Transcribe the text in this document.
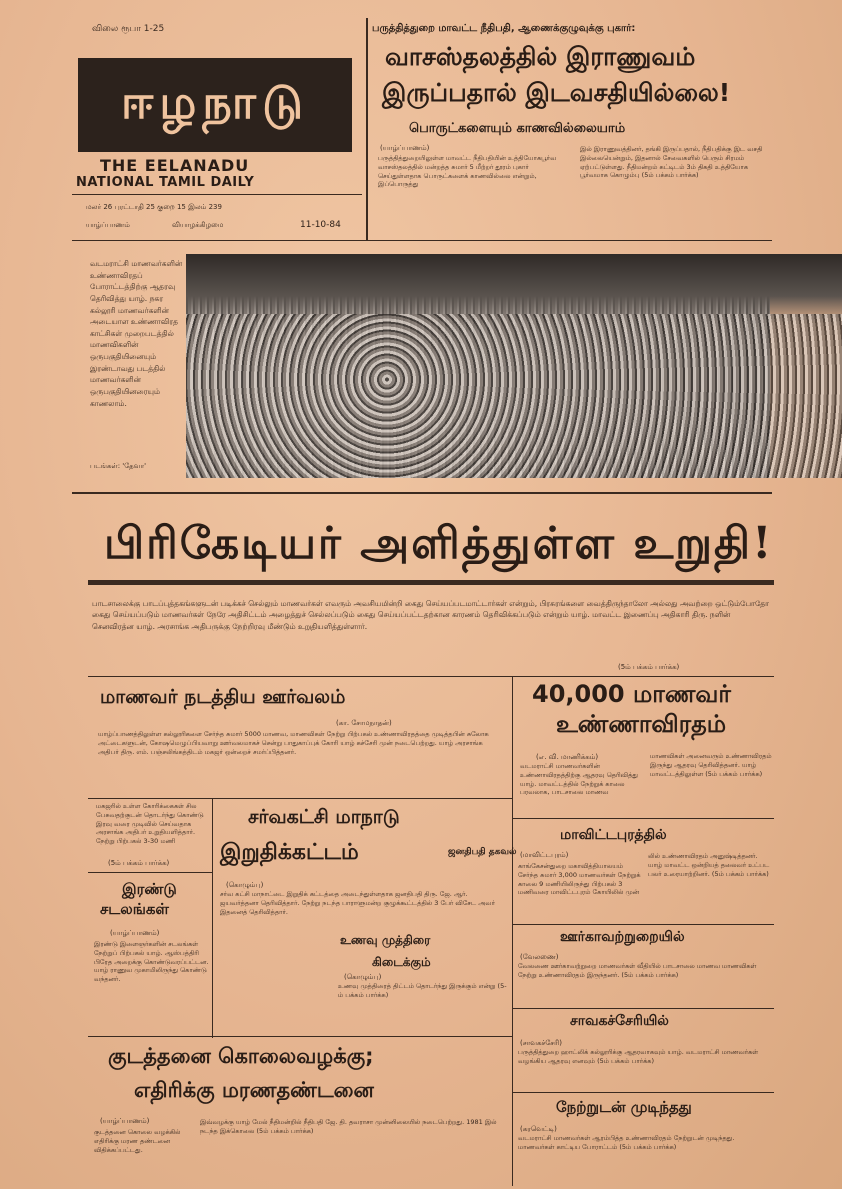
விலை ரூபா 1-25
ஈழநாடு
THE EELANADU
NATIONAL TAMIL DAILY
மலர் 26 புரட்டாதி 25 குறை 15 இலம் 239
யாழ்ப்பாணம்	வியாழக்கிழமை	11-10-84
பருத்தித்துறை மாவட்ட நீதிபதி, ஆணைக்குழுவுக்கு புகார்:
வாசஸ்தலத்தில் இராணுவம்
இருப்பதால் இடவசதியில்லை!
பொருட்களையும் காணவில்லையாம்
(யாழ்ப்பாணம்)
பருத்தித்துறையிலுள்ள மாவட்ட நீதிபதியின் உத்தியோகபூர்வ வாசஸ்தலத்தில் மன்றத்த சுமார் 5 மீற்றர் தூரம் புகார் செய்துள்ளதாக பொருட்களைக் காணவில்லை என்றும், இப்பொருத்து
இல் இராணுவத்தினர், தங்கி இருப்பதால், நீதிபதிக்கு இட வசதி இல்லையென்றும், இதனால் சேவைகளில் பெரும் சிரமம் ஏற்பட்டுள்ளது. நீதிமன்றம் கட்டிடம் 3ம் திகதி உத்தியோக பூர்வமாக கொழும்பு (5ம் பக்கம் பார்க்க)
வடமராட்சி மாணவர்களின் உண்ணாவிரதப் போராட்டத்திற்கு ஆதரவு தெரிவித்து யாழ். நகர கல்லூரி மாணவர்களின் அடையாள உண்ணாவிரத காட்சிகள் முறைபடத்தில் மாணவிகளின் ஒருபகுதியினையும் இரண்டாவது படத்தில் மாணவர்களின் ஒருபகுதியினரையும் காணலாம்.
படங்கள்: 'தேவா'
பிரிகேடியர் அளித்துள்ள உறுதி!
பாடசாலைக்கு பாடப்புத்தகங்களுடன் படிக்கச் செல்லும் மாணவர்கள் எவரும் அவசியமின்றி கைது செய்யப்படமாட்டார்கள் என்றும், பிரசுரங்களை வைத்திருந்தாலோ அல்லது அவற்றை ஒட்டும்போதோ கைது செய்யப்படும் மாணவர்கள் நேரே அதிசிட்டம் அழைத்துச் செல்லப்படும் கைது செய்யப்பட்டதற்கான காரணம் தெரிவிக்கப்படும் என்றும் யாழ். மாவட்ட இணைப்பு அதிகாரி திரு. நளின் செனவிரத்ன யாழ். அரசாங்க அதிபருக்கு நேற்றிரவு மீண்டும் உறுதியளித்துள்ளார்.
(5ம் பக்கம் பார்க்க)
மாணவர் நடத்திய ஊர்வலம்
(கா. சோமநாதன்)
யாழ்ப்பாணத்திலுள்ள கல்லூரிகளை சேர்ந்த சுமார் 5000 மாணவ, மாணவிகள் நேற்று பிற்பகல் உண்ணாவிரதத்தை முடித்தபின் சுலோக அட்டைகளுடன், கோஷமெழுப்பியவாறு ஊர்வலமாகச் சென்று பாதுகாப்புக் கோரி யாழ் கச்சேரி முன் நடைபெற்றது. யாழ் அரசாங்க அதிபர் திரு. எம். பஞ்சலிங்கத்திடம் மகஜர் ஒன்றைச் சமர்ப்பித்தனர்.
40,000 மாணவர்
உண்ணாவிரதம்
(எ. வி. மாணிக்கம்)
வடமராட்சி மாணவர்களின் உண்ணாவிரதத்திற்கு ஆதரவு தெரிவித்து யாழ். மாவட்டத்தில் நேற்றுக் காலை பரவலாக, பாடசாலை மாணவ
மாணவிகள் அனைவரும் உண்ணாவிரதம் இருந்து ஆதரவு தெரிவித்தனர். யாழ் மாவட்டத்திலுள்ள (5ம் பக்கம் பார்க்க)
மகஜரில் உள்ள கோரிக்கைகள் சில பேசுவதற்குடன் தொடர்ந்து கொண்டு இரவு வரை முடிவில் செய்வதாக அரசாங்க அதிபர் உறுதியளித்தார். நேற்று பிற்பகல் 3-30 மணி
(5ம் பக்கம் பார்க்க)
சர்வகட்சி மாநாடு
இறுதிக்கட்டம்	ஜனதிபதி தகவல்
(கொழும்பு)
சர்வ கட்சி மாநாட்டை இறுதிக் கட்டத்தை அடைந்துள்ளதாக ஜனதிபதி திரு. ஜே. ஆர். ஜயவர்த்தனா தெரிவித்தார். நேற்று நடந்த பாராளுமன்ற குழுக்கூட்டத்தில் 3 பேர் விசேட அவர் இதனைத் தெரிவித்தார்.
இரண்டு
சடலங்கள்
(யாழ்ப்பாணம்)
இரண்டு இளைஞர்களின் சடலங்கள் நேற்றுப் பிற்பகல் யாழ். ஆஸ்பத்திரி பிரேத அறைக்கு கொண்டுவரப்பட்டன. யாழ் ராணுவ முகாமிலிருந்து கொண்டு வந்தனர்.
உணவு முத்திரை
கிடைக்கும்
(கொழும்பு)
உணவு முத்திரைத் திட்டம் தொடர்ந்து இருக்கும் என்று (5-ம் பக்கம் பார்க்க)
மாவிட்டபுரத்தில்
(மாவிட்டபுரம்)
காங்கேசன்துறை மகாவித்தியாலயம் சேர்ந்த சுமார் 3,000 மாணவர்கள் நேற்றுக் காலை 9 மணியிலிருந்து பிற்பகல் 3 மணிவரை மாவிட்டபுரம் கோயிலில் முன்
லில் உண்ணாவிரதம் அனுஷ்டித்தனர். யாழ் மாவட்ட ஒன்றியத் தலைவர் உட்பட பலர் உரையாற்றினர். (5ம் பக்கம் பார்க்க)
ஊர்காவற்றுறையில்
(வேலணை)
வேலணை ஊர்காவற்றுறை மாணவர்கள் வீதியில் பாடசாலை மாணவ மாணவிகள் நேற்று உண்ணாவிரதம் இருந்தனர். (5ம் பக்கம் பார்க்க)
சாவகச்சேரியில்
(சாவகச்சேரி)
பருத்தித்துறை ஹாட்லிக் கல்லூரிக்கு ஆதரவாகவும் யாழ். வடமராட்சி மாணவர்கள் வழங்கிய ஆதரவு எனவும் (5ம் பக்கம் பார்க்க)
குடத்தனை கொலைவழக்கு;
எதிரிக்கு மரணதண்டனை
(யாழ்ப்பாணம்)
குடத்தனை கொலை வழக்கில் எதிரிக்கு மரண தண்டனை விதிக்கப்பட்டது.
இவ்வழக்கு யாழ் மேல் நீதிமன்றில் நீதிபதி ஜே. தி. தவராசா முன்னிலையில் நடைபெற்றது. 1981 இல் நடந்த இக்கொலை (5ம் பக்கம் பார்க்க)
நேற்றுடன் முடிந்தது
(கரவெட்டி)
வடமராட்சி மாணவர்கள் ஆரம்பித்த உண்ணாவிரதம் நேற்றுடன் முடிந்தது. மாணவர்கள் காட்டிய போராட்டம் (5ம் பக்கம் பார்க்க)
